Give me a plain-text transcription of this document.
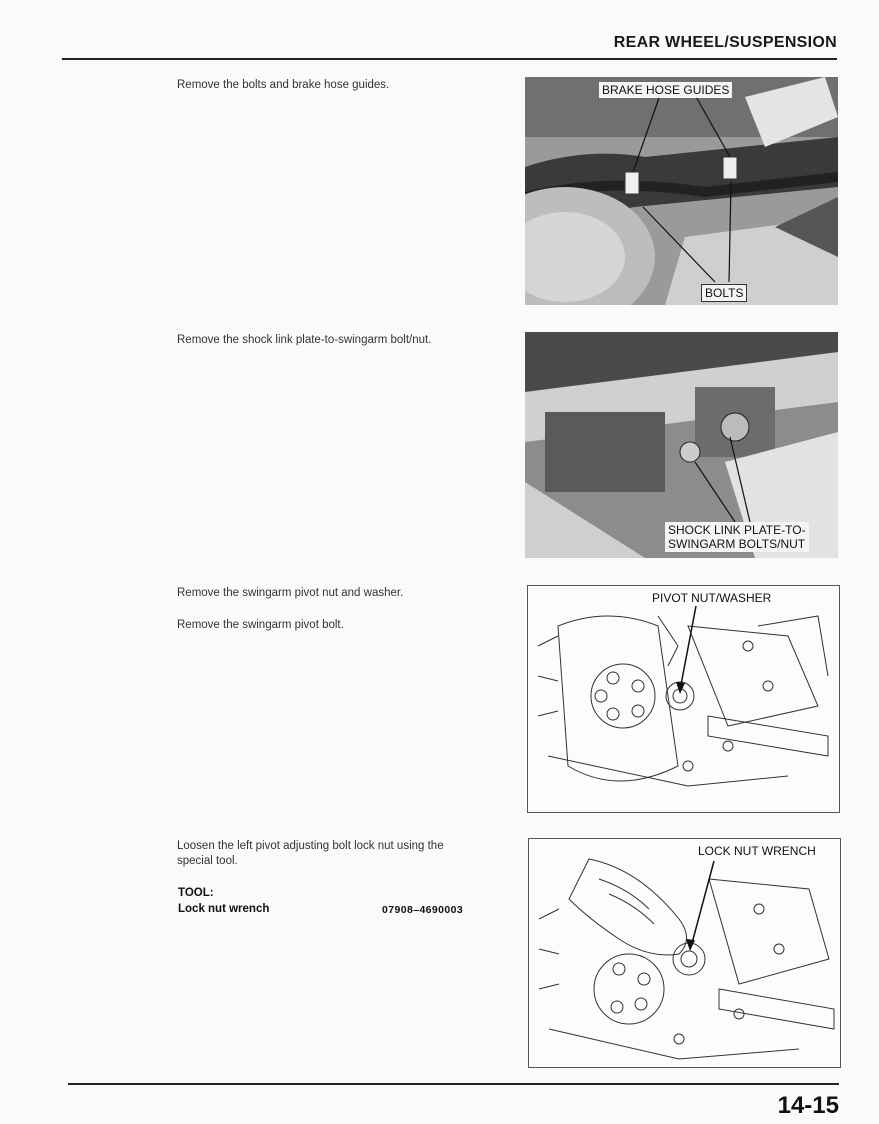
REAR WHEEL/SUSPENSION
Remove the bolts and brake hose guides.
Remove the shock link plate-to-swingarm bolt/nut.
Remove the swingarm pivot nut and washer.
Remove the swingarm pivot bolt.
Loosen the left pivot adjusting bolt lock nut using the
special tool.
TOOL:
Lock nut wrench	07908–4690003
BRAKE HOSE GUIDES
BOLTS
SHOCK LINK PLATE-TO-
SWINGARM BOLTS/NUT
PIVOT NUT/WASHER
LOCK NUT WRENCH
14-15
